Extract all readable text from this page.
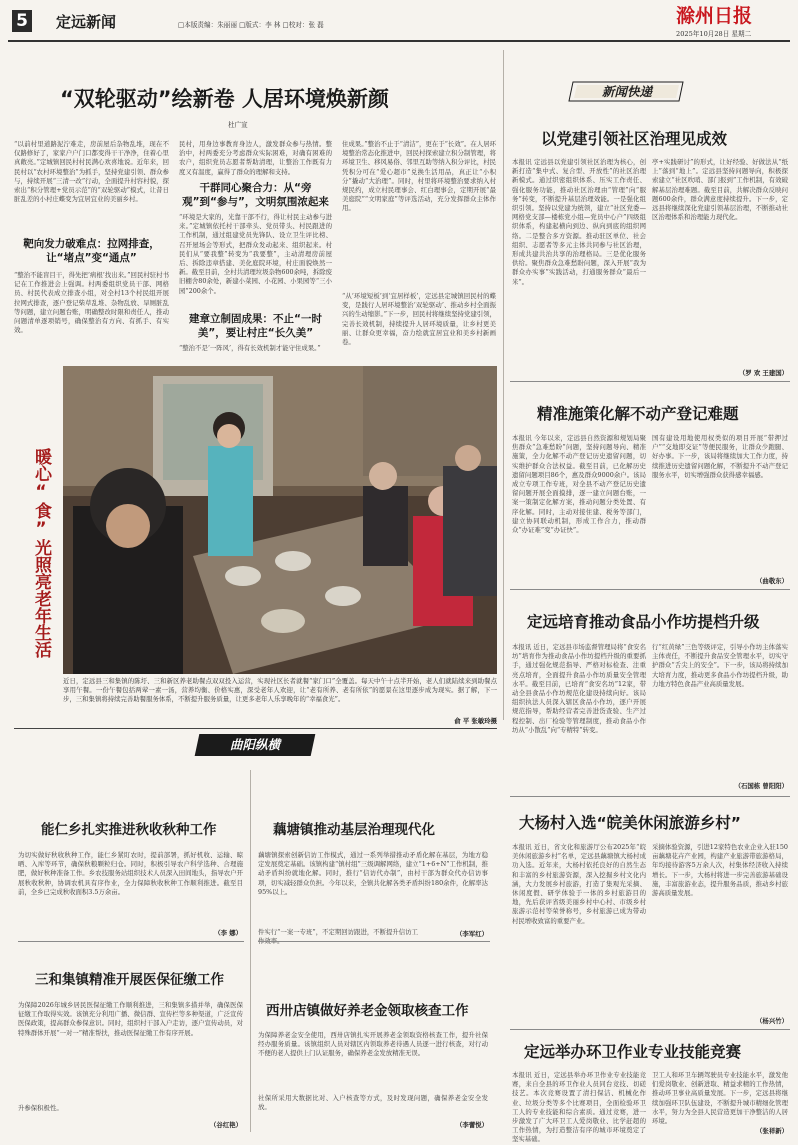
5 定远新闻	□本版责编：朱丽丽 □版式：李 林 □校对：张 磊	滁州日报
2025年10月28日 星期二
“双轮驱动”绘新卷 人居环境焕新颜
杜广宣
“以前村里道路泥泞难走，房前屋后杂物乱堆，现在不仅路修好了，家家户户门口都变得干干净净，住着心里真敞亮。”定城镇回民村村民满心欢喜地说。近年来，回民村以“农村环境整治”为抓手，坚持党建引领、群众参与，持续开展“三清一改”行动，全面提升村容村貌，探索出“积分管理+党员示范”的“双轮驱动”模式，让昔日脏乱差的小村庄蝶变为宜居宜业的美丽乡村。
靶向发力破难点：拉网排查，让“堵点”变“通点”
“整治不能盲目干，得先把‘病根’找出来。”回民村驻村书记在工作推进会上强调。村两委组织党员干部、网格员、村民代表成立排查小组，对全村13个村民组开展拉网式排查，逐户登记柴草乱堆、杂物乱放、旱厕脏乱等问题，建立问题台账，明确整改时限和责任人，推动问题清单逐项销号，确保整治有方向、有抓手、有实效。
民村，用身边事教育身边人，激发群众参与热情。整治中，村两委充分考虑群众实际困难，对确有困难的农户，组织党员志愿者帮助清理，让整治工作既有力度又有温度，赢得了群众的理解和支持。
干群同心聚合力：从“旁观”到“参与”，文明氛围浓起来
“环境是大家的，光靠干部不行，得让村民主动参与进来。”定城镇依托村干部牵头、党员带头、村民跟进的工作机制，通过组建党员先锋队、设立卫生评比榜、召开屋场会等形式，把群众发动起来、组织起来。村民们从“要我整”转变为“我要整”，主动清理房前屋后、拆除违章搭建、美化庭院环境，村庄面貌焕然一新。截至目前，全村共清理垃圾杂物600余吨，拆除废旧棚舍80余处，新建小菜园、小花园、小果园等“三小园”200余个。
建章立制固成果：不止“一时美”，要让村庄“长久美”
“整治不是‘一阵风’，得有长效机制才能守住成果。”
住成果。”整治不止于“清洁”，更在于“长效”。在人居环境整治常态化推进中，回民村探索建立积分制管理，将环境卫生、移风易俗、邻里互助等纳入积分评比，村民凭积分可在“爱心超市”兑换生活用品，真正让“小积分”撬动“大治理”。同时，村里将环境整治要求纳入村规民约，成立村民理事会、红白理事会，定期开展“最美庭院”“文明家庭”等评选活动，充分发挥群众主体作用。
“从‘环境短板’到‘宜居样板’，定远县定城镇回民村的蝶变，是践行人居环境整治‘双轮驱动’、推动乡村全面振兴的生动缩影。”下一步，回民村将继续坚持党建引领，完善长效机制，持续提升人居环境质量，让乡村更美丽、让群众更幸福，奋力绘就宜居宜业和美乡村新画卷。
暖心“食”光照亮老年生活
近日，定远县三和集镇的陈圩、三和新区养老助餐点双双投入运营，实现社区长者就餐“家门口”全覆盖。每天中午十点半开始，老人们就陆续来到助餐点享用午餐。一份午餐包括两荤一素一汤，营养均衡、价格实惠，深受老年人欢迎，让“老有所养、老有所依”的愿景在这里逐步成为现实。据了解，下一步，三和集镇将持续完善助餐服务体系，不断提升服务质量，让更多老年人乐享晚年的“幸福食光”。
俞 平 张敏玲摄
新闻快递
以党建引领社区治理见成效
本报讯 定远县以党建引领社区治理为核心，创新打造“集中式、复合型、开放性”的社区治理新模式。通过织密组织体系、压实工作责任、强化服务功能，推动社区治理由“管理”向“服务”转变，不断提升基层治理效能。一是强化组织引领。坚持以党建为统领，建立“社区党委—网格党支部—楼栋党小组—党员中心户”四级组织体系，构建起横向到边、纵向到底的组织网络。二是整合多方资源。推动驻区单位、社会组织、志愿者等多元主体共同参与社区治理，形成共建共治共享的治理格局。三是优化服务供给。聚焦群众急难愁盼问题，深入开展“我为群众办实事”实践活动，打通服务群众“最后一米”。
亭+实践研讨”的形式，让好经验、好做法从“纸上”落到“地上”。定远县坚持问题导向，积极探索建立“社区吹哨、部门报到”工作机制，有效破解基层治理难题。截至目前，共解决群众反映问题600余件，群众满意度持续提升。下一步，定远县将继续深化党建引领基层治理，不断推动社区治理体系和治理能力现代化。
（罗 欢 王建国）
精准施策化解不动产登记难题
本报讯 今年以来，定远县自然资源和规划局聚焦群众“急难愁盼”问题，坚持问题导向、精准施策，全力化解不动产登记历史遗留问题，切实维护群众合法权益。截至目前，已化解历史遗留问题项目86个，惠及群众9000余户。该局成立专项工作专班，对全县不动产登记历史遗留问题开展全面摸排，逐一建立问题台账，一案一策制定化解方案，推动问题分类处置、有序化解。同时，主动对接住建、税务等部门，建立协同联动机制，形成工作合力，推动群众“办证难”变“办证快”。
国有建设用地使用权类似的项目开展“带押过户”“交地即交证”等便民服务，让群众少跑腿、好办事。下一步，该局将继续加大工作力度，持续推进历史遗留问题化解，不断提升不动产登记服务水平，切实增强群众获得感幸福感。
（曲敬东）
定远培育推动食品小作坊提档升级
本报讯 近日，定远县市场监督管理局将“食安名坊”培育作为推动食品小作坊提档升级的重要抓手，通过强化规范指导、严格对标检查、注重亮点培育，全面提升食品小作坊质量安全管理水平。截至目前，已培育“食安名坊”12家，带动全县食品小作坊规范化建设持续向好。该局组织执法人员深入辖区食品小作坊，逐户开展规范指导，帮助经营者完善进货查验、生产过程控制、出厂检验等管理制度，推动食品小作坊从“小散乱”向“专精特”转变。
行“红黄绿”三色等级评定，引导小作坊主体落实主体责任，不断提升食品安全管理水平，切实守护群众“舌尖上的安全”。下一步，该局将持续加大培育力度，推动更多食品小作坊提档升级，助力地方特色食品产业高质量发展。
（石国栋 曾阳阳）
曲阳纵横
能仁乡扎实推进秋收秋种工作
为切实做好秋收秋种工作，能仁乡紧盯农时，提前部署，抓好机收、运输、晾晒、入库等环节，确保秋粮颗粒归仓。同时，积极引导农户科学选种、合理施肥，做好秋种准备工作。乡农技服务站组织技术人员深入田间地头，指导农户开展秋收秋种，协调农机具有序作业，全力保障秋收秋种工作顺利推进。截至目前，全乡已完成秋收面积3.5万余亩。
（李 娜）
藕塘镇推动基层治理现代化
藕塘镇探索创新信访工作模式，通过一系列举措推动矛盾化解在基层，为地方稳定发展奠定基础。该镇构建“镇村组”三级调解网络，建立“1+6+N”工作机制，推动矛盾纠纷就地化解。同时，推行“信访代办制”，由村干部为群众代办信访事项，切实减轻群众负担。今年以来，全镇共化解各类矛盾纠纷180余件，化解率达95%以上。
件实行“一案一专班”，不定期回访跟进，不断提升信访工	（李军红）
三和集镇精准开展医保征缴工作
为保障2026年城乡居民医保征缴工作顺利推进，三和集镇多措并举，确保医保征缴工作取得实效。该镇充分利用广播、微信群、宣传栏等多种渠道，广泛宣传医保政策，提高群众参保意识。同时，组织村干部入户走访，逐户宣传动员，对特殊群体开展“一对一”精准帮扶，推动医保征缴工作有序开展。
升参保积极性。
（谷红艳）
西卅店镇做好养老金领取核查工作
为保障养老金安全使用，西卅店镇扎实开展养老金领取资格核查工作，提升社保经办服务质量。该镇组织人员对辖区内领取养老待遇人员逐一进行核查，对行动不便的老人提供上门认证服务，确保养老金发放精准无误。
社保所采用大数据比对、入户核查等方式，及时发现问题，确保养老金安全发放。
（李蕾悦）
大杨村入选“皖美休闲旅游乡村”
本报讯 近日，省文化和旅游厅公布2025年“皖美休闲旅游乡村”名单，定远县藕塘镇大杨村成功入选。近年来，大杨村依托良好的自然生态和丰富的乡村旅游资源，深入挖掘乡村文化内涵，大力发展乡村旅游，打造了集观光采摘、休闲度假、研学体验于一体的乡村旅游目的地，先后获评省级美丽乡村中心村、市级乡村旅游示范村等荣誉称号，乡村旅游已成为带动村民增收致富的重要产业。
采摘体验资源，引进12家特色农业企业入驻150亩藕塘花卉产业园，构建产业旅游带旅游格局，年均接待游客5万余人次，村集体经济收入持续增长。下一步，大杨村将进一步完善旅游基础设施，丰富旅游业态，提升服务品质，推动乡村旅游高质量发展。
（杨兴竹）
定远举办环卫作业专业技能竞赛
本报讯 近日，定远县举办环卫作业专业技能竞赛，来自全县的环卫作业人员同台竞技、切磋技艺。本次竞赛设置了清扫保洁、机械化作业、垃圾分类等多个比赛项目，全面检验环卫工人的专业技能和综合素质。通过竞赛，进一步激发了广大环卫工人爱岗敬业、比学赶超的工作热情，为打造整洁有序的城市环境奠定了坚实基础。
卫工人和环卫车辆驾驶员专业技能水平，激发他们爱岗敬业、创新进取、精益求精的工作热情，推动环卫事业高质量发展。下一步，定远县将继续加强环卫队伍建设，不断提升城市精细化管理水平，努力为全县人民营造更加干净整洁的人居环境。
（张祥新）
